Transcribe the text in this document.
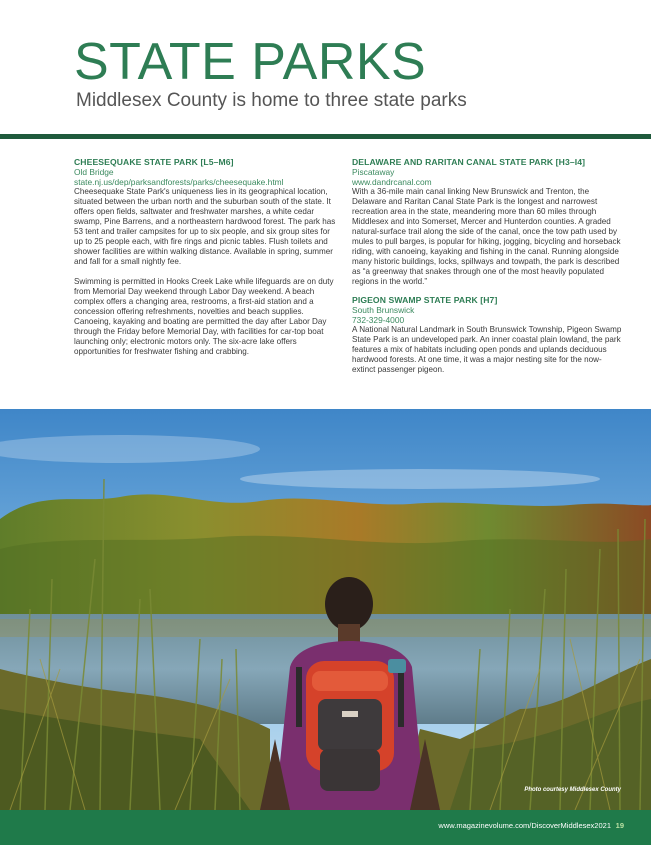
STATE PARKS
Middlesex County is home to three state parks
CHEESEQUAKE STATE PARK [L5–M6]
Old Bridge
state.nj.us/dep/parksandforests/parks/cheesequake.html

Cheesequake State Park's uniqueness lies in its geographical location, situated between the urban north and the suburban south of the state. It offers open fields, saltwater and freshwater marshes, a white cedar swamp, Pine Barrens, and a northeastern hardwood forest. The park has 53 tent and trailer campsites for up to six people, and six group sites for up to 25 people each, with fire rings and picnic tables. Flush toilets and shower facilities are within walking distance. Available in spring, summer and fall for a small nightly fee.

Swimming is permitted in Hooks Creek Lake while lifeguards are on duty from Memorial Day weekend through Labor Day weekend. A beach complex offers a changing area, restrooms, a first-aid station and a concession offering refreshments, novelties and beach supplies. Canoeing, kayaking and boating are permitted the day after Labor Day through the Friday before Memorial Day, with facilities for car-top boat launching only; electronic motors only. The six-acre lake offers opportunities for freshwater fishing and crabbing.

DELAWARE AND RARITAN CANAL STATE PARK [H3–I4]
Piscataway
www.dandrcanal.com

With a 36-mile main canal linking New Brunswick and Trenton, the Delaware and Raritan Canal State Park is the longest and narrowest recreation area in the state, meandering more than 60 miles through Middlesex and into Somerset, Mercer and Hunterdon counties. A graded natural-surface trail along the side of the canal, once the tow path used by mules to pull barges, is popular for hiking, jogging, bicycling and horseback riding, with canoeing, kayaking and fishing in the canal. Running alongside many historic buildings, locks, spillways and towpath, the park is described as “a greenway that snakes through one of the most heavily populated regions in the world.”

PIGEON SWAMP STATE PARK [H7]
South Brunswick
732-329-4000

A National Natural Landmark in South Brunswick Township, Pigeon Swamp State Park is an undeveloped park. An inner coastal plain lowland, the park features a mix of habitats including open ponds and uplands deciduous hardwood forests. At one time, it was a major nesting site for the now-extinct passenger pigeon.

Photo courtesy Middlesex County
www.magazinevolume.com/DiscoverMiddlesex2021 19
